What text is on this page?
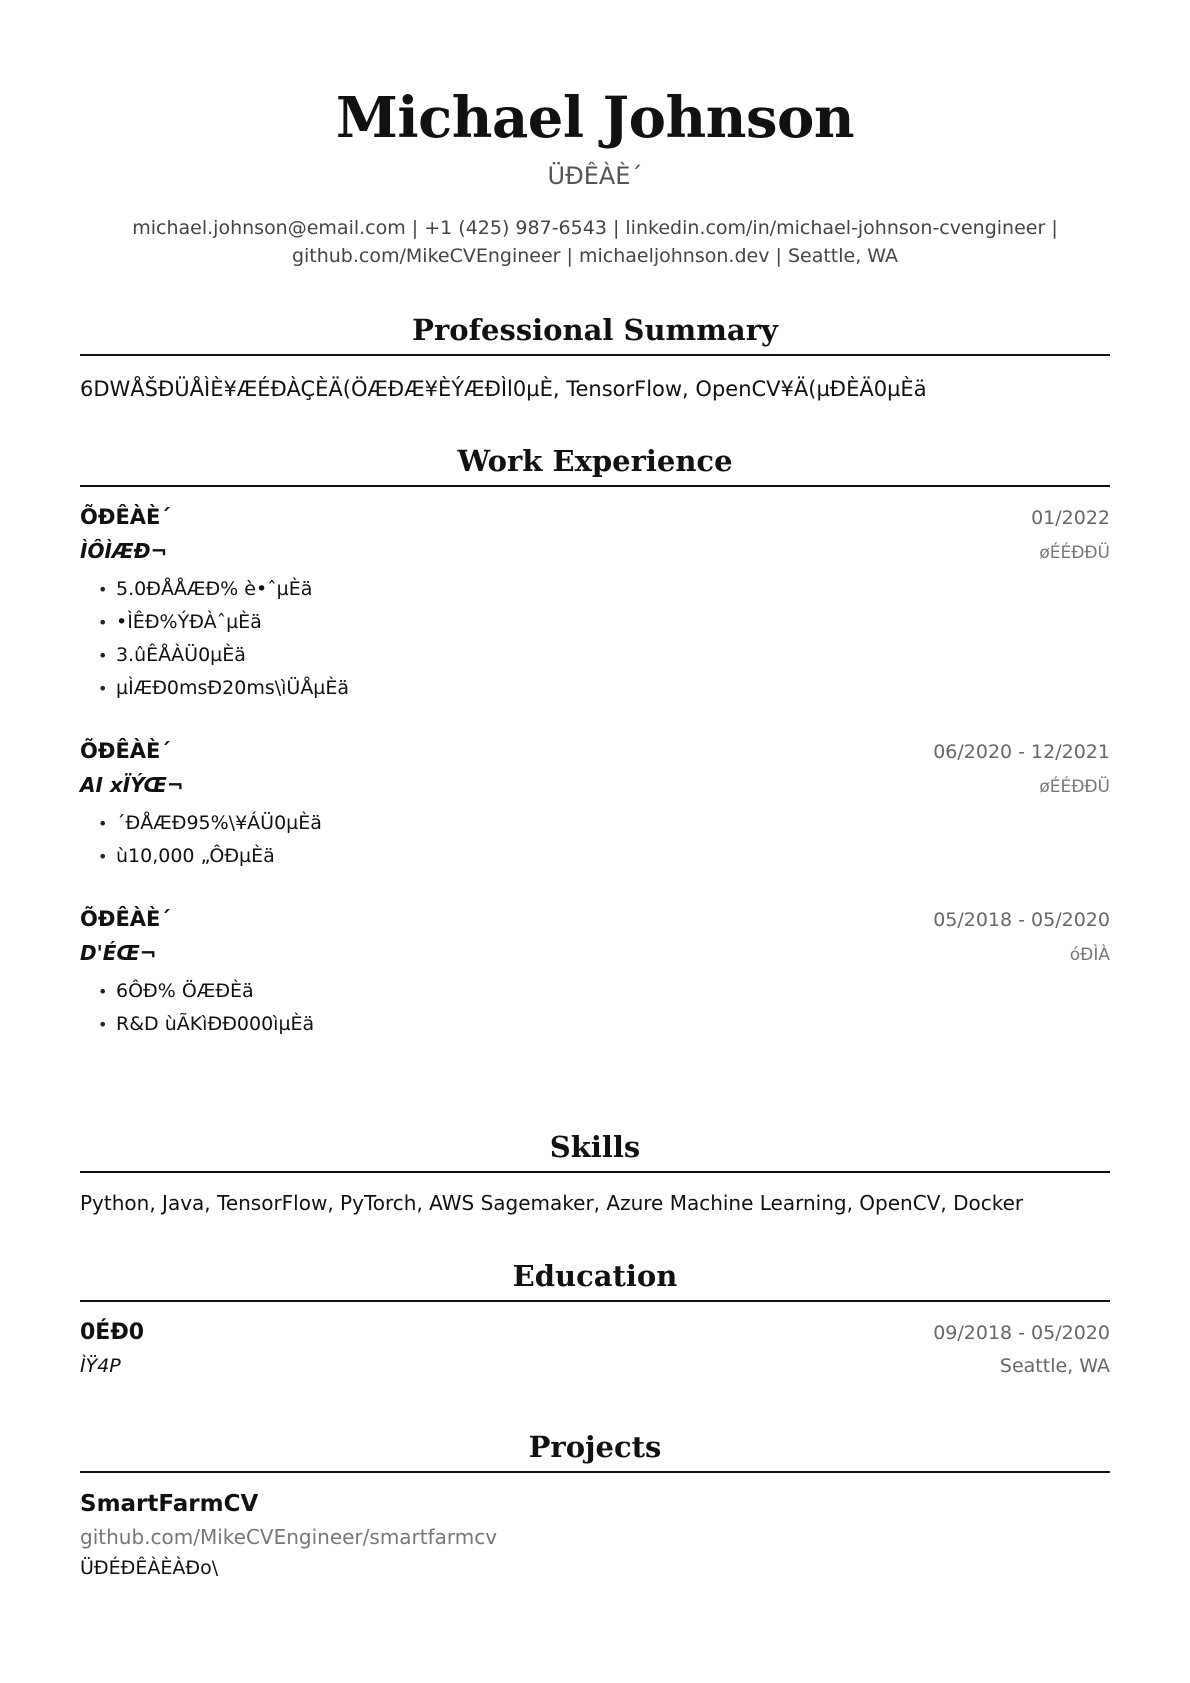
Michael Johnson
ÜÐÊÀÈ´
michael.johnson@email.com | +1 (425) 987-6543 | linkedin.com/in/michael-johnson-cvengineer |
github.com/MikeCVEngineer | michaeljohnson.dev | Seattle, WA
Professional Summary
6DWÅŠÐÜÅÌÈ¥ÆÉÐÀÇÈÄ(ÖÆÐÆ¥ÈÝÆÐÌl0µÈ, TensorFlow, OpenCV¥Ä(µÐÈÄ0µÈä
Work Experience
ÕÐÊÀÈ´	01/2022
ÌÔÌÆÐ¬	øÉÉÐÐÜ
• 5.0ÐÅÅÆÐ% è•ˆµÈä
• •ÌÊÐ%ÝÐÀˆµÈä
• 3.ûÊÅÀÜ0µÈä
• µÌÆÐ0msÐ20ms\ìÜÅµÈä
ÕÐÊÀÈ´	06/2020 - 12/2021
AI xÏÝŒ¬	øÉÉÐÐÜ
• ´ÐÅÆÐ95%\¥ÁÜ0µÈä
• ù10,000 „ÔÐµÈä
ÕÐÊÀÈ´	05/2018 - 05/2020
D'ÉŒ¬	óÐÌÀ
• 6ÔÐ% ÖÆÐÈä
• R&D ùÃKìÐÐ000ìµÈä
Skills
Python, Java, TensorFlow, PyTorch, AWS Sagemaker, Azure Machine Learning, OpenCV, Docker
Education
0ÉÐ0	09/2018 - 05/2020
ÌŸ4P	Seattle, WA
Projects
SmartFarmCV
github.com/MikeCVEngineer/smartfarmcv
ÜÐÉÐÊÀÈÀÐo\
